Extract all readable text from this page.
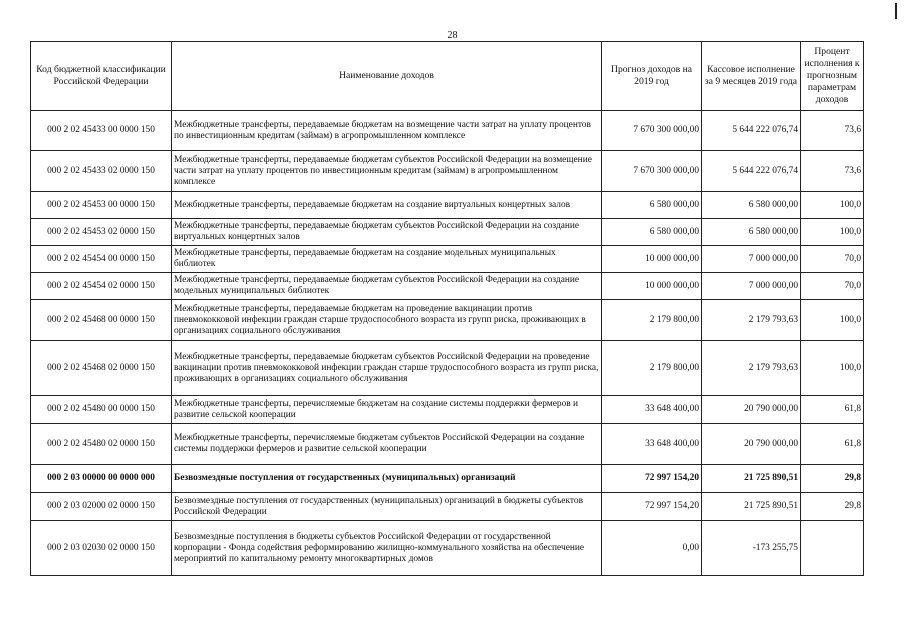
28
Код бюджетной классификации Российской Федерации	Наименование доходов	Прогноз доходов на 2019 год	Кассовое исполнение за 9 месяцев 2019 года	Процент исполнения к прогнозным параметрам доходов
000 2 02 45433 00 0000 150	Межбюджетные трансферты, передаваемые бюджетам на возмещение части затрат на уплату процентов по инвестиционным кредитам (займам) в агропромышленном комплексе	7 670 300 000,00	5 644 222 076,74	73,6
000 2 02 45433 02 0000 150	Межбюджетные трансферты, передаваемые бюджетам субъектов Российской Федерации на возмещение части затрат на уплату процентов по инвестиционным кредитам (займам) в агропромышленном комплексе	7 670 300 000,00	5 644 222 076,74	73,6
000 2 02 45453 00 0000 150	Межбюджетные трансферты, передаваемые бюджетам на создание виртуальных концертных залов	6 580 000,00	6 580 000,00	100,0
000 2 02 45453 02 0000 150	Межбюджетные трансферты, передаваемые бюджетам субъектов Российской Федерации на создание виртуальных концертных залов	6 580 000,00	6 580 000,00	100,0
000 2 02 45454 00 0000 150	Межбюджетные трансферты, передаваемые бюджетам на создание модельных муниципальных библиотек	10 000 000,00	7 000 000,00	70,0
000 2 02 45454 02 0000 150	Межбюджетные трансферты, передаваемые бюджетам субъектов Российской Федерации на создание модельных муниципальных библиотек	10 000 000,00	7 000 000,00	70,0
000 2 02 45468 00 0000 150	Межбюджетные трансферты, передаваемые бюджетам на проведение вакцинации против пневмококковой инфекции граждан старше трудоспособного возраста из групп риска, проживающих в организациях социального обслуживания	2 179 800,00	2 179 793,63	100,0
000 2 02 45468 02 0000 150	Межбюджетные трансферты, передаваемые бюджетам субъектов Российской Федерации на проведение вакцинации против пневмококковой инфекции граждан старше трудоспособного возраста из групп риска, проживающих в организациях социального обслуживания	2 179 800,00	2 179 793,63	100,0
000 2 02 45480 00 0000 150	Межбюджетные трансферты, перечисляемые бюджетам на создание системы поддержки фермеров и развитие сельской кооперации	33 648 400,00	20 790 000,00	61,8
000 2 02 45480 02 0000 150	Межбюджетные трансферты, перечисляемые бюджетам субъектов Российской Федерации на создание системы поддержки фермеров и развитие сельской кооперации	33 648 400,00	20 790 000,00	61,8
000 2 03 00000 00 0000 000	Безвозмездные поступления от государственных (муниципальных) организаций	72 997 154,20	21 725 890,51	29,8
000 2 03 02000 02 0000 150	Безвозмездные поступления от государственных (муниципальных) организаций в бюджеты субъектов Российской Федерации	72 997 154,20	21 725 890,51	29,8
000 2 03 02030 02 0000 150	Безвозмездные поступления в бюджеты субъектов Российской Федерации от государственной корпорации - Фонда содействия реформированию жилищно-коммунального хозяйства на обеспечение мероприятий по капитальному ремонту многоквартирных домов	0,00	-173 255,75	
